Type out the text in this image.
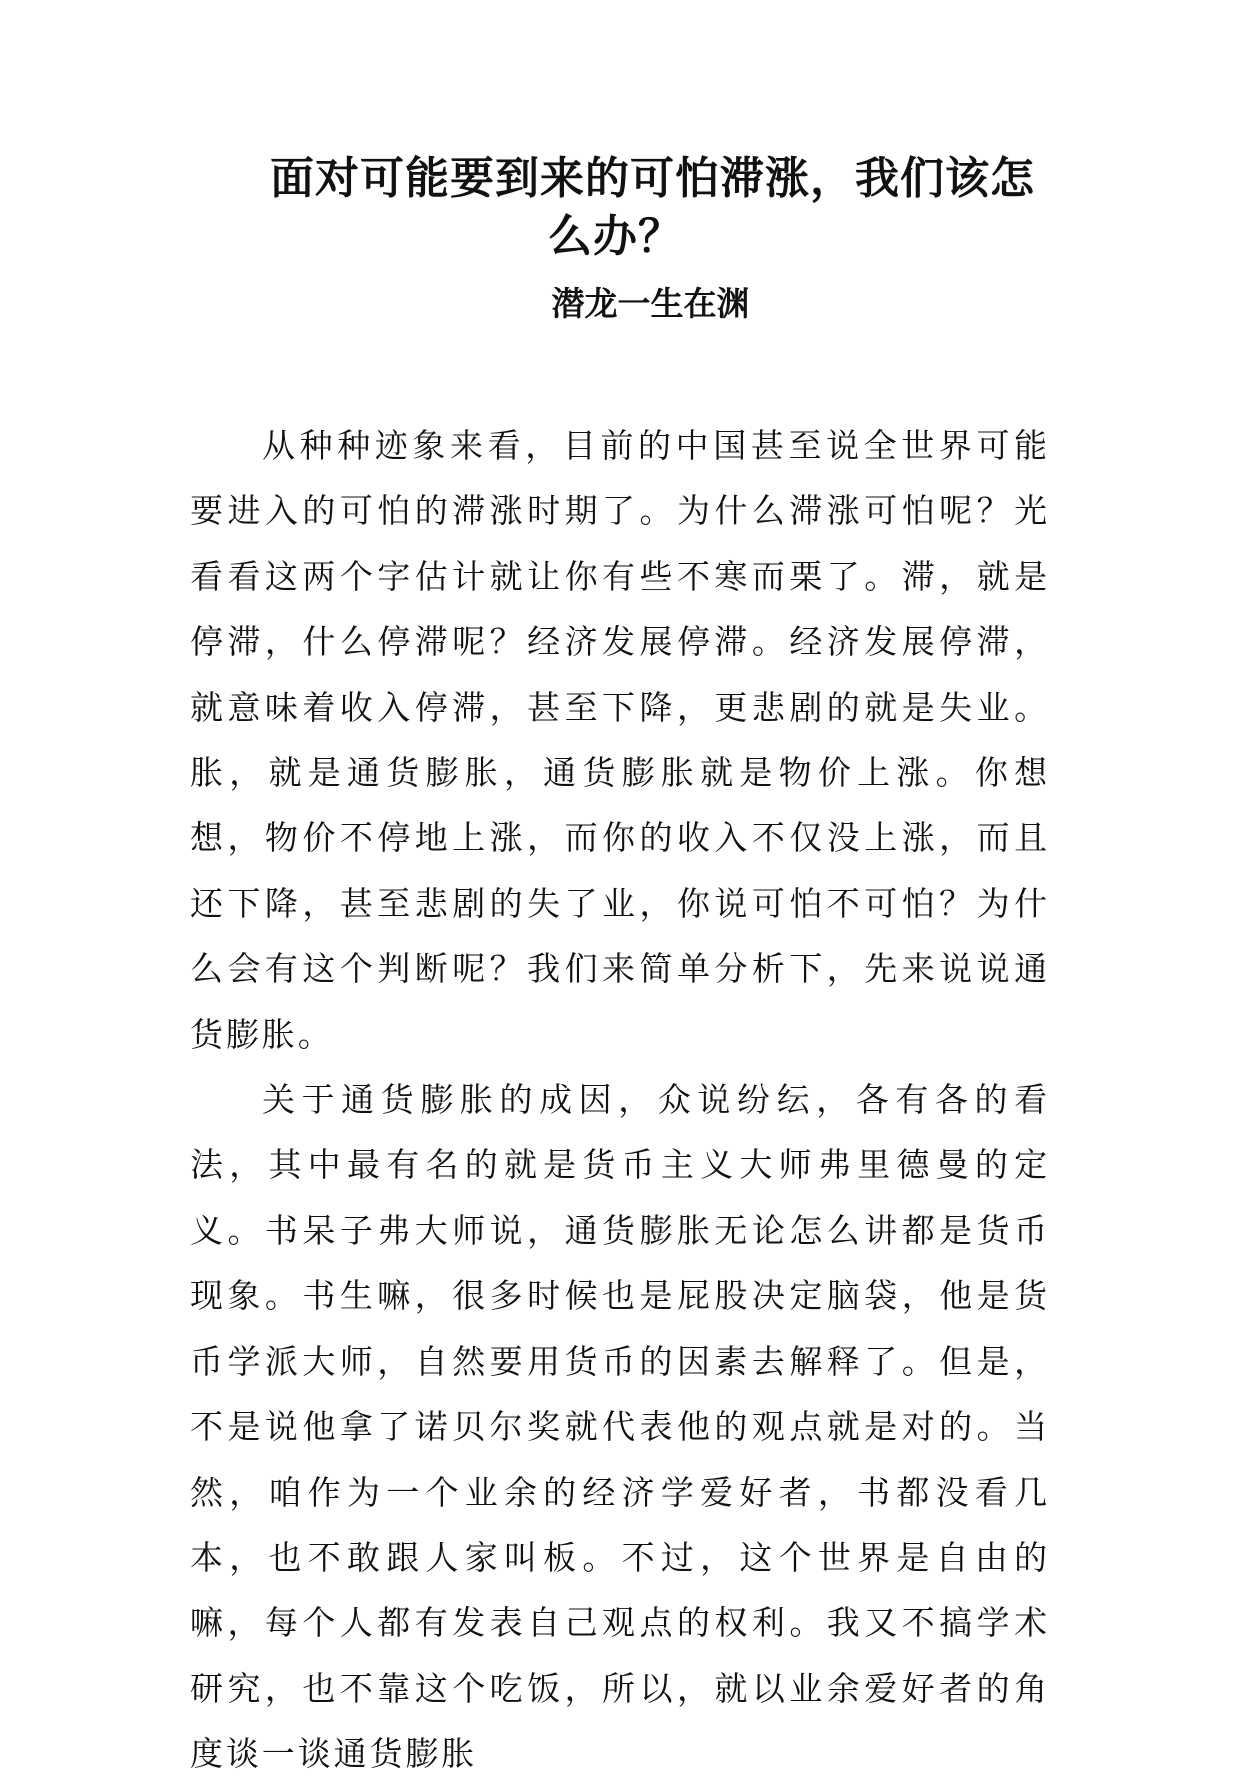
面对可能要到来的可怕滞涨，我们该怎
么办？

潜龙一生在渊

从种种迹象来看，目前的中国甚至说全世界可能要进入的可怕的滞涨时期了。为什么滞涨可怕呢？光看看这两个字估计就让你有些不寒而栗了。滞，就是停滞，什么停滞呢？经济发展停滞。经济发展停滞，就意味着收入停滞，甚至下降，更悲剧的就是失业。胀，就是通货膨胀，通货膨胀就是物价上涨。你想想，物价不停地上涨，而你的收入不仅没上涨，而且还下降，甚至悲剧的失了业，你说可怕不可怕？为什么会有这个判断呢？我们来简单分析下，先来说说通货膨胀。

关于通货膨胀的成因，众说纷纭，各有各的看法，其中最有名的就是货币主义大师弗里德曼的定义。书呆子弗大师说，通货膨胀无论怎么讲都是货币现象。书生嘛，很多时候也是屁股决定脑袋，他是货币学派大师，自然要用货币的因素去解释了。但是，不是说他拿了诺贝尔奖就代表他的观点就是对的。当然，咱作为一个业余的经济学爱好者，书都没看几本，也不敢跟人家叫板。不过，这个世界是自由的嘛，每个人都有发表自己观点的权利。我又不搞学术研究，也不靠这个吃饭，所以，就以业余爱好者的角度谈一谈通货膨胀
